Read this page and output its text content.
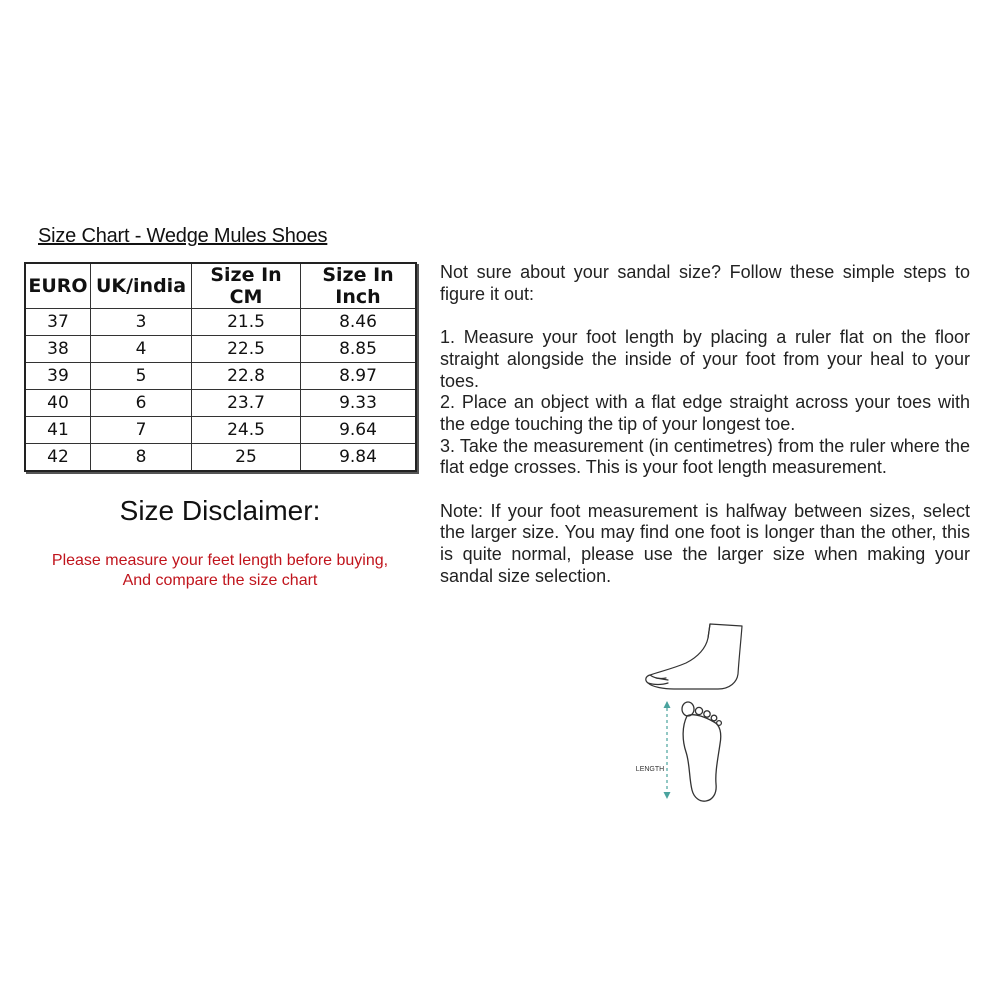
Size Chart - Wedge Mules Shoes
EURO	UK/india	Size In CM	Size In Inch
37	3	21.5	8.46
38	4	22.5	8.85
39	5	22.8	8.97
40	6	23.7	9.33
41	7	24.5	9.64
42	8	25	9.84
Size Disclaimer:
Please measure your feet length before buying,
And compare the size chart

Not sure about your sandal size? Follow these simple steps to figure it out:

1. Measure your foot length by placing a ruler flat on the floor straight alongside the inside of your foot from your heal to your toes.

2. Place an object with a flat edge straight across your toes with the edge touching the tip of your longest toe.

3. Take the measurement (in centimetres) from the ruler where the flat edge crosses. This is your foot length measurement.

Note: If your foot measurement is halfway between sizes, select the larger size. You may find one foot is longer than the other, this is quite normal, please use the larger size when making your sandal size selection.

LENGTH
